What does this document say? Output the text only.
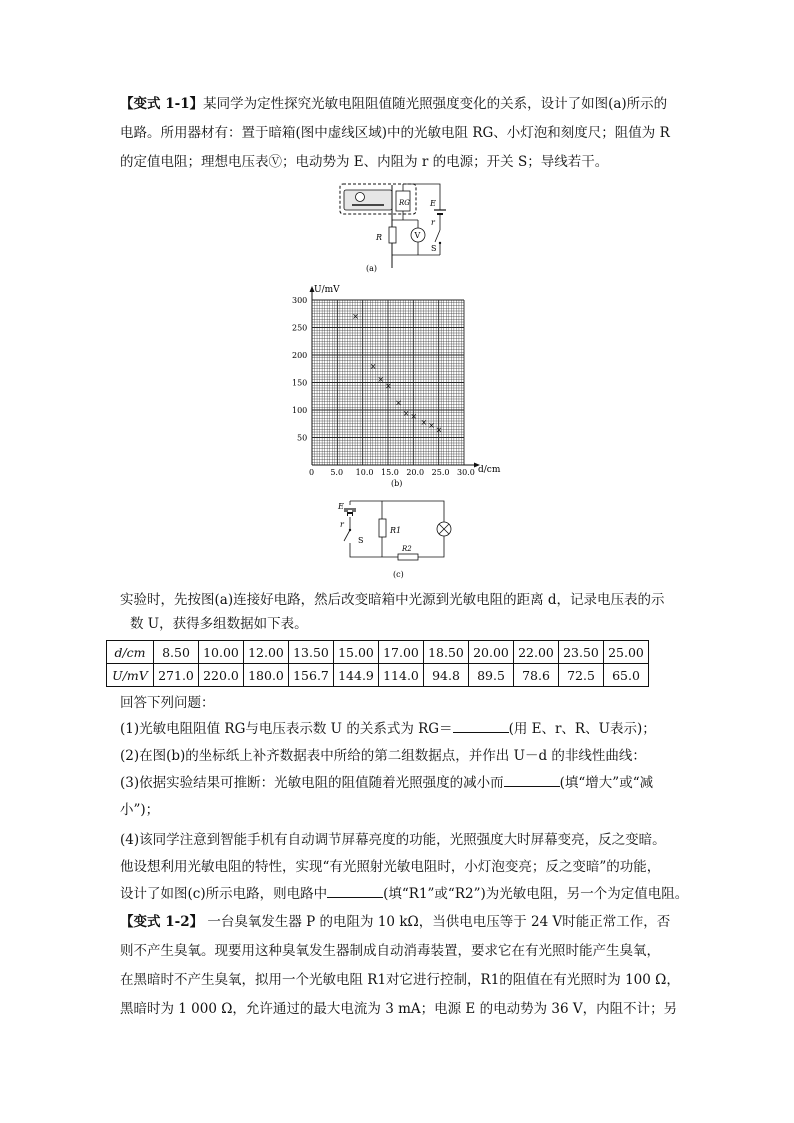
【变式 1-1】某同学为定性探究光敏电阻阻值随光照强度变化的关系，设计了如图(a)所示的
电路。所用器材有：置于暗箱(图中虚线区域)中的光敏电阻 RG、小灯泡和刻度尺；阻值为 R
的定值电阻；理想电压表Ⓥ；电动势为 E、内阻为 r 的电源；开关 S；导线若干。
RG
R	V
E
r
S
(a)
0 5.0 10.0 15.0 20.0 25.0 30.0
50
100
150
200
250
300
×
×
×
×
×
× ×
× × ×
U/mV
d/cm
(b)
E
r
S
R1
R2
(c)
实验时，先按图(a)连接好电路，然后改变暗箱中光源到光敏电阻的距离 d，记录电压表的示
数 U，获得多组数据如下表。
d/cm	8.50	10.00	12.00	13.50	15.00	17.00	18.50	20.00	22.00	23.50	25.00
U/mV	271.0	220.0	180.0	156.7	144.9	114.0	94.8	89.5	78.6	72.5	65.0
回答下列问题：
(1)光敏电阻阻值 RG与电压表示数 U 的关系式为 RG＝	(用 E、r、R、U表示)；
(2)在图(b)的坐标纸上补齐数据表中所给的第二组数据点，并作出 U－d 的非线性曲线：
(3)依据实验结果可推断：光敏电阻的阻值随着光照强度的减小而	(填“增大”或“减
小”)；
(4)该同学注意到智能手机有自动调节屏幕亮度的功能，光照强度大时屏幕变亮，反之变暗。
他设想利用光敏电阻的特性，实现“有光照射光敏电阻时，小灯泡变亮；反之变暗”的功能，
设计了如图(c)所示电路，则电路中	(填“R1”或“R2”)为光敏电阻，另一个为定值电阻。
【变式 1-2】 一台臭氧发生器 P 的电阻为 10 kΩ，当供电电压等于 24 V时能正常工作，否
则不产生臭氧。现要用这种臭氧发生器制成自动消毒装置，要求它在有光照时能产生臭氧，
在黑暗时不产生臭氧，拟用一个光敏电阻 R1对它进行控制，R1的阻值在有光照时为 100 Ω，
黑暗时为 1 000 Ω，允许通过的最大电流为 3 mA；电源 E 的电动势为 36 V，内阻不计；另
